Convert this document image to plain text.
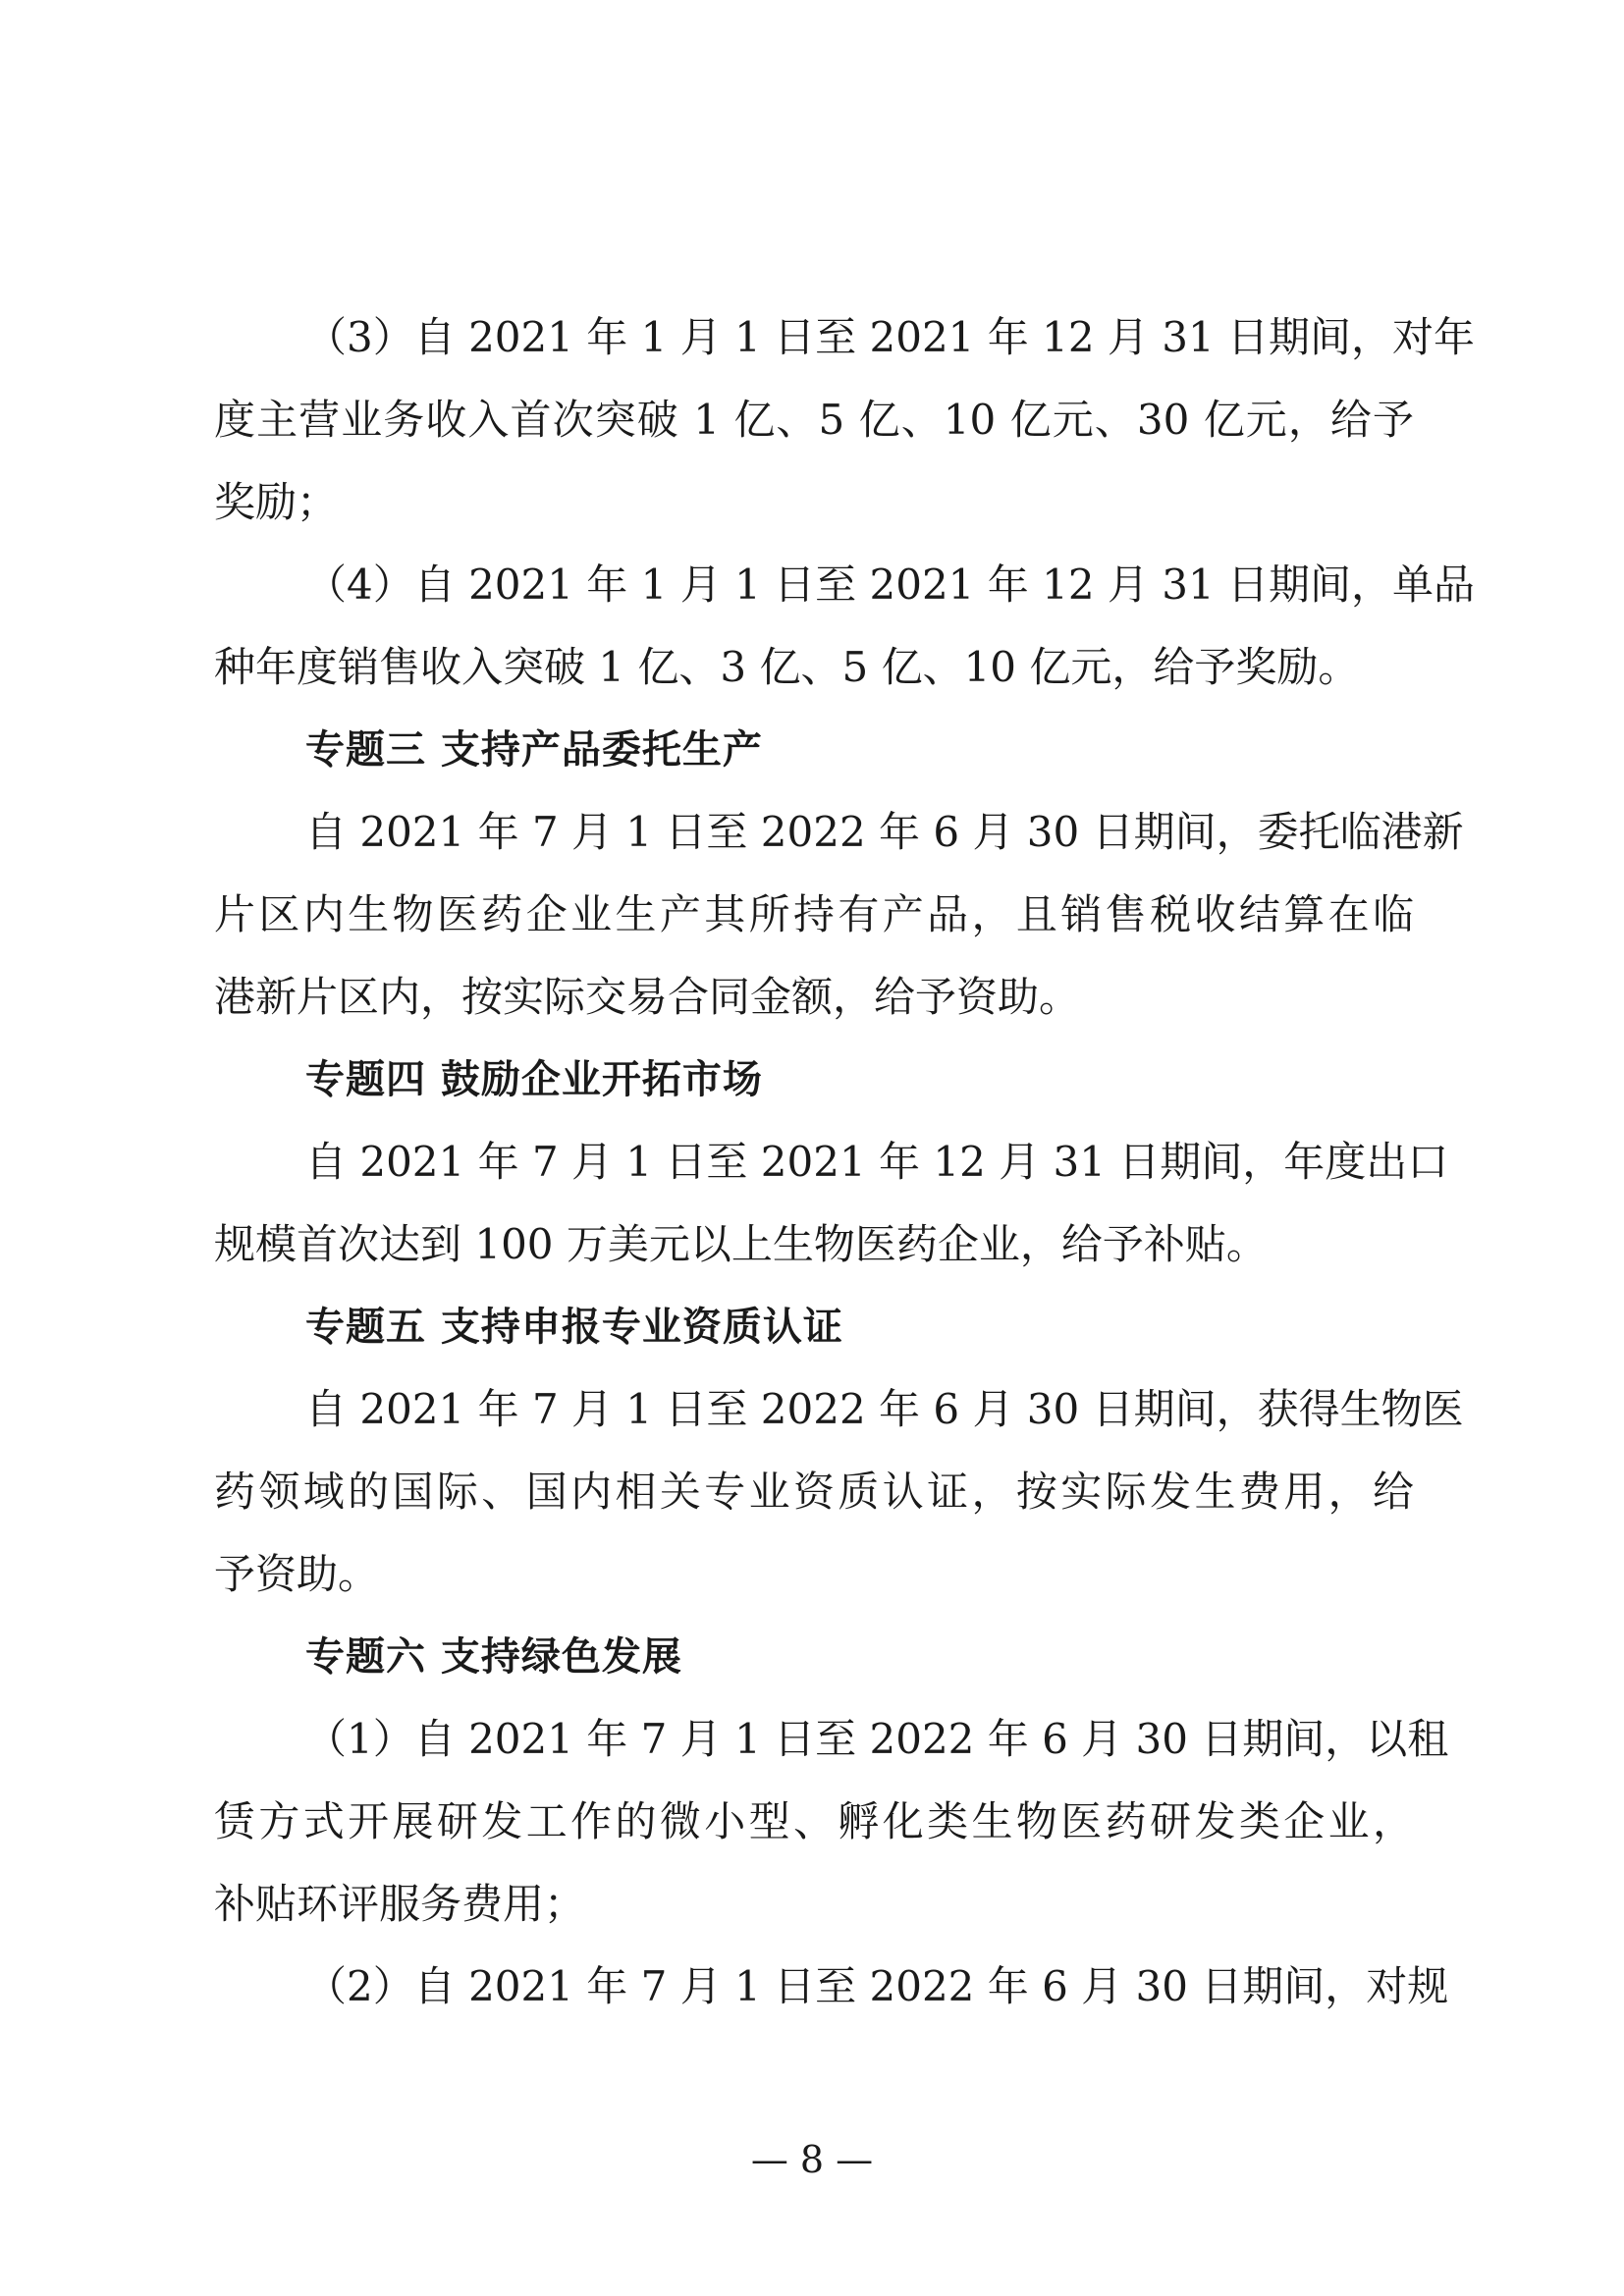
（3）自 2021 年 1 月 1 日至 2021 年 12 月 31 日期间，对年
度主营业务收入首次突破 1 亿、5 亿、10 亿元、30 亿元，给予
奖励；
（4）自 2021 年 1 月 1 日至 2021 年 12 月 31 日期间，单品
种年度销售收入突破 1 亿、3 亿、5 亿、10 亿元，给予奖励。
专题三 支持产品委托生产
自 2021 年 7 月 1 日至 2022 年 6 月 30 日期间，委托临港新
片区内生物医药企业生产其所持有产品，且销售税收结算在临
港新片区内，按实际交易合同金额，给予资助。
专题四 鼓励企业开拓市场
自 2021 年 7 月 1 日至 2021 年 12 月 31 日期间，年度出口
规模首次达到 100 万美元以上生物医药企业，给予补贴。
专题五 支持申报专业资质认证
自 2021 年 7 月 1 日至 2022 年 6 月 30 日期间，获得生物医
药领域的国际、国内相关专业资质认证，按实际发生费用，给
予资助。
专题六 支持绿色发展
（1）自 2021 年 7 月 1 日至 2022 年 6 月 30 日期间，以租
赁方式开展研发工作的微小型、孵化类生物医药研发类企业，
补贴环评服务费用；
（2）自 2021 年 7 月 1 日至 2022 年 6 月 30 日期间，对规
— 8 —
